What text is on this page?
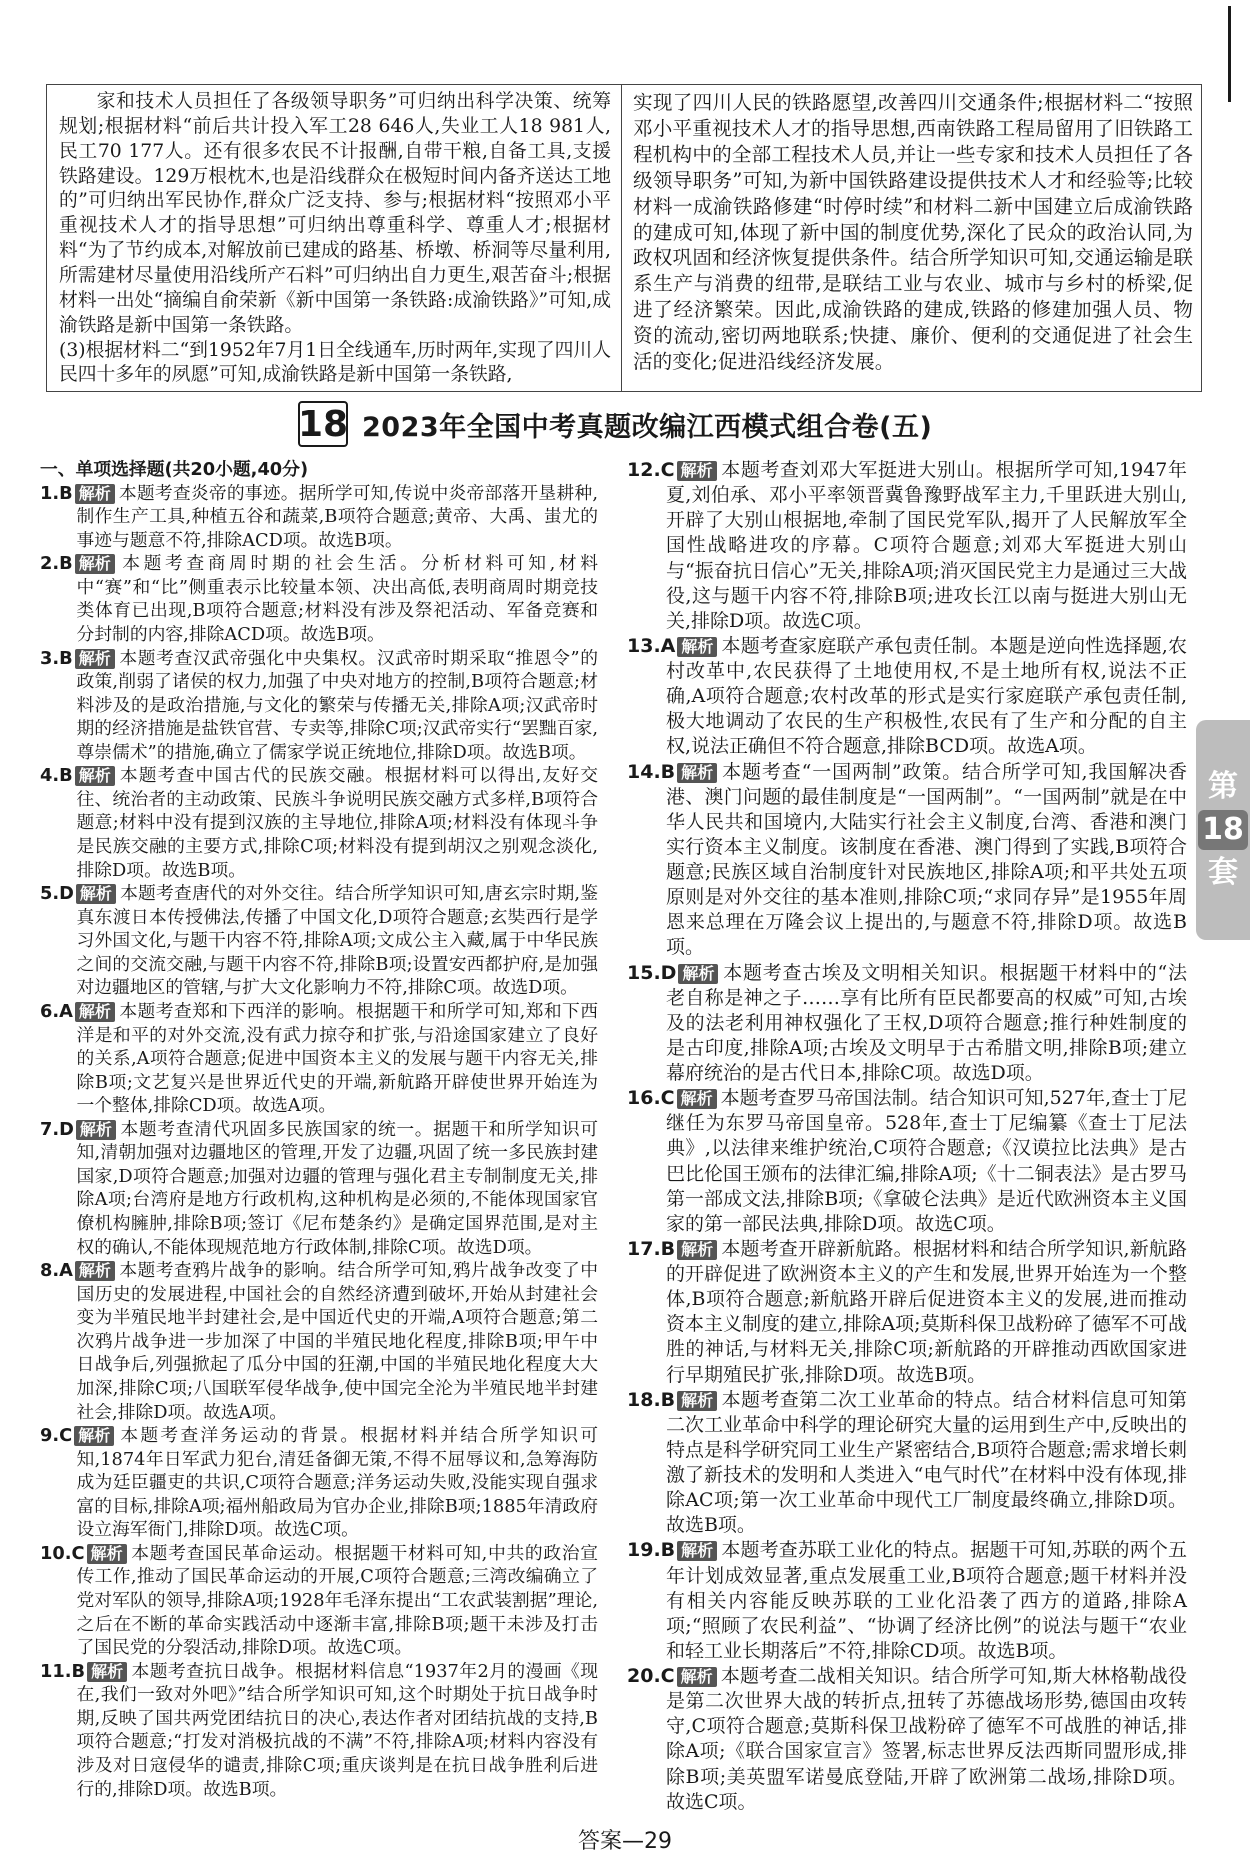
家和技术人员担任了各级领导职务”可归纳出科学决策、统筹规划;根据材料“前后共计投入军工28 646人,失业工人18 981人,民工70 177人。还有很多农民不计报酬,自带干粮,自备工具,支援铁路建设。129万根枕木,也是沿线群众在极短时间内备齐送达工地的”可归纳出军民协作,群众广泛支持、参与;根据材料“按照邓小平重视技术人才的指导思想”可归纳出尊重科学、尊重人才;根据材料“为了节约成本,对解放前已建成的路基、桥墩、桥洞等尽量利用,所需建材尽量使用沿线所产石料”可归纳出自力更生,艰苦奋斗;根据材料一出处“摘编自俞荣新《新中国第一条铁路:成渝铁路》”可知,成渝铁路是新中国第一条铁路。

(3)根据材料二“到1952年7月1日全线通车,历时两年,实现了四川人民四十多年的夙愿”可知,成渝铁路是新中国第一条铁路,

实现了四川人民的铁路愿望,改善四川交通条件;根据材料二“按照邓小平重视技术人才的指导思想,西南铁路工程局留用了旧铁路工程机构中的全部工程技术人员,并让一些专家和技术人员担任了各级领导职务”可知,为新中国铁路建设提供技术人才和经验等;比较材料一成渝铁路修建“时停时续”和材料二新中国建立后成渝铁路的建成可知,体现了新中国的制度优势,深化了民众的政治认同,为政权巩固和经济恢复提供条件。结合所学知识可知,交通运输是联系生产与消费的纽带,是联结工业与农业、城市与乡村的桥梁,促进了经济繁荣。因此,成渝铁路的建成,铁路的修建加强人员、物资的流动,密切两地联系;快捷、廉价、便利的交通促进了社会生活的变化;促进沿线经济发展。

18 2023年全国中考真题改编江西模式组合卷(五)
一、单项选择题(共20小题,40分)

1.B 解析 本题考查炎帝的事迹。据所学可知,传说中炎帝部落开垦耕种,制作生产工具,种植五谷和蔬菜,B项符合题意;黄帝、大禹、蚩尤的事迹与题意不符,排除ACD项。故选B项。

2.B 解析 本题考查商周时期的社会生活。分析材料可知,材料中“赛”和“比”侧重表示比较量本领、决出高低,表明商周时期竞技类体育已出现,B项符合题意;材料没有涉及祭祀活动、军备竞赛和分封制的内容,排除ACD项。故选B项。

3.B 解析 本题考查汉武帝强化中央集权。汉武帝时期采取“推恩令”的政策,削弱了诸侯的权力,加强了中央对地方的控制,B项符合题意;材料涉及的是政治措施,与文化的繁荣与传播无关,排除A项;汉武帝时期的经济措施是盐铁官营、专卖等,排除C项;汉武帝实行“罢黜百家,尊崇儒术”的措施,确立了儒家学说正统地位,排除D项。故选B项。

4.B 解析 本题考查中国古代的民族交融。根据材料可以得出,友好交往、统治者的主动政策、民族斗争说明民族交融方式多样,B项符合题意;材料中没有提到汉族的主导地位,排除A项;材料没有体现斗争是民族交融的主要方式,排除C项;材料没有提到胡汉之别观念淡化,排除D项。故选B项。

5.D 解析 本题考查唐代的对外交往。结合所学知识可知,唐玄宗时期,鉴真东渡日本传授佛法,传播了中国文化,D项符合题意;玄奘西行是学习外国文化,与题干内容不符,排除A项;文成公主入藏,属于中华民族之间的交流交融,与题干内容不符,排除B项;设置安西都护府,是加强对边疆地区的管辖,与扩大文化影响力不符,排除C项。故选D项。

6.A 解析 本题考查郑和下西洋的影响。根据题干和所学可知,郑和下西洋是和平的对外交流,没有武力掠夺和扩张,与沿途国家建立了良好的关系,A项符合题意;促进中国资本主义的发展与题干内容无关,排除B项;文艺复兴是世界近代史的开端,新航路开辟使世界开始连为一个整体,排除CD项。故选A项。

7.D 解析 本题考查清代巩固多民族国家的统一。据题干和所学知识可知,清朝加强对边疆地区的管理,开发了边疆,巩固了统一多民族封建国家,D项符合题意;加强对边疆的管理与强化君主专制制度无关,排除A项;台湾府是地方行政机构,这种机构是必须的,不能体现国家官僚机构臃肿,排除B项;签订《尼布楚条约》是确定国界范围,是对主权的确认,不能体现规范地方行政体制,排除C项。故选D项。

8.A 解析 本题考查鸦片战争的影响。结合所学可知,鸦片战争改变了中国历史的发展进程,中国社会的自然经济遭到破坏,开始从封建社会变为半殖民地半封建社会,是中国近代史的开端,A项符合题意;第二次鸦片战争进一步加深了中国的半殖民地化程度,排除B项;甲午中日战争后,列强掀起了瓜分中国的狂潮,中国的半殖民地化程度大大加深,排除C项;八国联军侵华战争,使中国完全沦为半殖民地半封建社会,排除D项。故选A项。

9.C 解析 本题考查洋务运动的背景。根据材料并结合所学知识可知,1874年日军武力犯台,清廷备御无策,不得不屈辱议和,急筹海防成为廷臣疆吏的共识,C项符合题意;洋务运动失败,没能实现自强求富的目标,排除A项;福州船政局为官办企业,排除B项;1885年清政府设立海军衙门,排除D项。故选C项。

10.C 解析 本题考查国民革命运动。根据题干材料可知,中共的政治宣传工作,推动了国民革命运动的开展,C项符合题意;三湾改编确立了党对军队的领导,排除A项;1928年毛泽东提出“工农武装割据”理论,之后在不断的革命实践活动中逐渐丰富,排除B项;题干未涉及打击了国民党的分裂活动,排除D项。故选C项。

11.B 解析 本题考查抗日战争。根据材料信息“1937年2月的漫画《现在,我们一致对外吧》”结合所学知识可知,这个时期处于抗日战争时期,反映了国共两党团结抗日的决心,表达作者对团结抗战的支持,B项符合题意;“打发对消极抗战的不满”不符,排除A项;材料内容没有涉及对日寇侵华的谴责,排除C项;重庆谈判是在抗日战争胜利后进行的,排除D项。故选B项。

12.C 解析 本题考查刘邓大军挺进大别山。根据所学可知,1947年夏,刘伯承、邓小平率领晋冀鲁豫野战军主力,千里跃进大别山,开辟了大别山根据地,牵制了国民党军队,揭开了人民解放军全国性战略进攻的序幕。C项符合题意;刘邓大军挺进大别山与“振奋抗日信心”无关,排除A项;消灭国民党主力是通过三大战役,这与题干内容不符,排除B项;进攻长江以南与挺进大别山无关,排除D项。故选C项。

13.A 解析 本题考查家庭联产承包责任制。本题是逆向性选择题,农村改革中,农民获得了土地使用权,不是土地所有权,说法不正确,A项符合题意;农村改革的形式是实行家庭联产承包责任制,极大地调动了农民的生产积极性,农民有了生产和分配的自主权,说法正确但不符合题意,排除BCD项。故选A项。

14.B 解析 本题考查“一国两制”政策。结合所学可知,我国解决香港、澳门问题的最佳制度是“一国两制”。“一国两制”就是在中华人民共和国境内,大陆实行社会主义制度,台湾、香港和澳门实行资本主义制度。该制度在香港、澳门得到了实践,B项符合题意;民族区域自治制度针对民族地区,排除A项;和平共处五项原则是对外交往的基本准则,排除C项;“求同存异”是1955年周恩来总理在万隆会议上提出的,与题意不符,排除D项。故选B项。

15.D 解析 本题考查古埃及文明相关知识。根据题干材料中的“法老自称是神之子……享有比所有臣民都要高的权威”可知,古埃及的法老利用神权强化了王权,D项符合题意;推行种姓制度的是古印度,排除A项;古埃及文明早于古希腊文明,排除B项;建立幕府统治的是古代日本,排除C项。故选D项。

16.C 解析 本题考查罗马帝国法制。结合知识可知,527年,查士丁尼继任为东罗马帝国皇帝。528年,查士丁尼编纂《查士丁尼法典》,以法律来维护统治,C项符合题意;《汉谟拉比法典》是古巴比伦国王颁布的法律汇编,排除A项;《十二铜表法》是古罗马第一部成文法,排除B项;《拿破仑法典》是近代欧洲资本主义国家的第一部民法典,排除D项。故选C项。

17.B 解析 本题考查开辟新航路。根据材料和结合所学知识,新航路的开辟促进了欧洲资本主义的产生和发展,世界开始连为一个整体,B项符合题意;新航路开辟后促进资本主义的发展,进而推动资本主义制度的建立,排除A项;莫斯科保卫战粉碎了德军不可战胜的神话,与材料无关,排除C项;新航路的开辟推动西欧国家进行早期殖民扩张,排除D项。故选B项。

18.B 解析 本题考查第二次工业革命的特点。结合材料信息可知第二次工业革命中科学的理论研究大量的运用到生产中,反映出的特点是科学研究同工业生产紧密结合,B项符合题意;需求增长刺激了新技术的发明和人类进入“电气时代”在材料中没有体现,排除AC项;第一次工业革命中现代工厂制度最终确立,排除D项。故选B项。

19.B 解析 本题考查苏联工业化的特点。据题干可知,苏联的两个五年计划成效显著,重点发展重工业,B项符合题意;题干材料并没有相关内容能反映苏联的工业化沿袭了西方的道路,排除A项;“照顾了农民利益”、“协调了经济比例”的说法与题干“农业和轻工业长期落后”不符,排除CD项。故选B项。

20.C 解析 本题考查二战相关知识。结合所学可知,斯大林格勒战役是第二次世界大战的转折点,扭转了苏德战场形势,德国由攻转守,C项符合题意;莫斯科保卫战粉碎了德军不可战胜的神话,排除A项;《联合国家宣言》签署,标志世界反法西斯同盟形成,排除B项;美英盟军诺曼底登陆,开辟了欧洲第二战场,排除D项。故选C项。

第
18
套
答案—29
